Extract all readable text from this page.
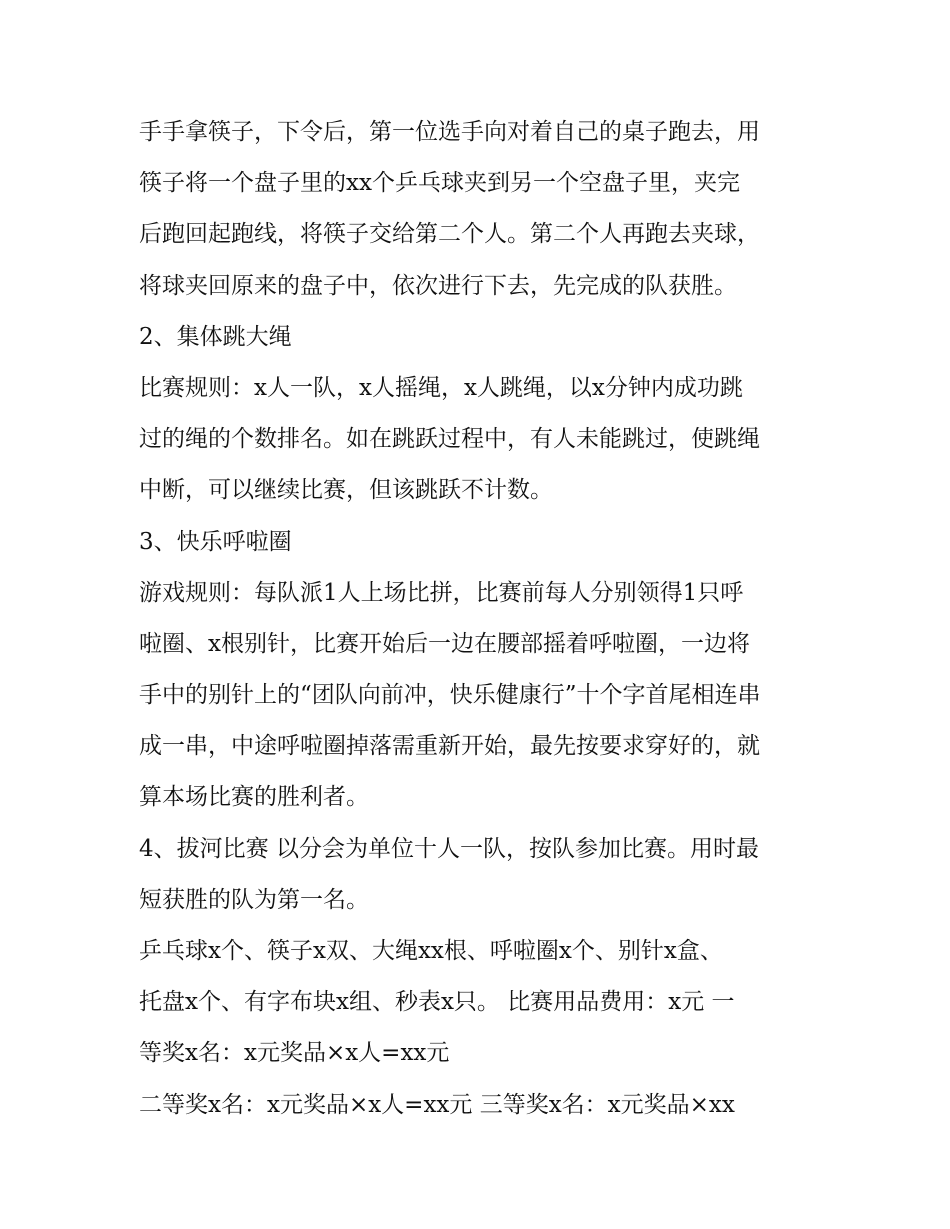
手手拿筷子，下令后，第一位选手向对着自己的桌子跑去，用
筷子将一个盘子里的xx个乒乓球夹到另一个空盘子里，夹完
后跑回起跑线，将筷子交给第二个人。第二个人再跑去夹球，
将球夹回原来的盘子中，依次进行下去，先完成的队获胜。
2、集体跳大绳
比赛规则：x人一队，x人摇绳，x人跳绳，以x分钟内成功跳
过的绳的个数排名。如在跳跃过程中，有人未能跳过，使跳绳
中断，可以继续比赛，但该跳跃不计数。
3、快乐呼啦圈
游戏规则：每队派1人上场比拼，比赛前每人分别领得1只呼
啦圈、x根别针，比赛开始后一边在腰部摇着呼啦圈，一边将
手中的别针上的“团队向前冲，快乐健康行”十个字首尾相连串
成一串，中途呼啦圈掉落需重新开始，最先按要求穿好的，就
算本场比赛的胜利者。
4、拔河比赛 以分会为单位十人一队，按队参加比赛。用时最
短获胜的队为第一名。
乒乓球x个、筷子x双、大绳xx根、呼啦圈x个、别针x盒、
托盘x个、有字布块x组、秒表x只。 比赛用品费用：x元 一
等奖x名：x元奖品×x人=xx元
二等奖x名：x元奖品×x人=xx元 三等奖x名：x元奖品×xx
